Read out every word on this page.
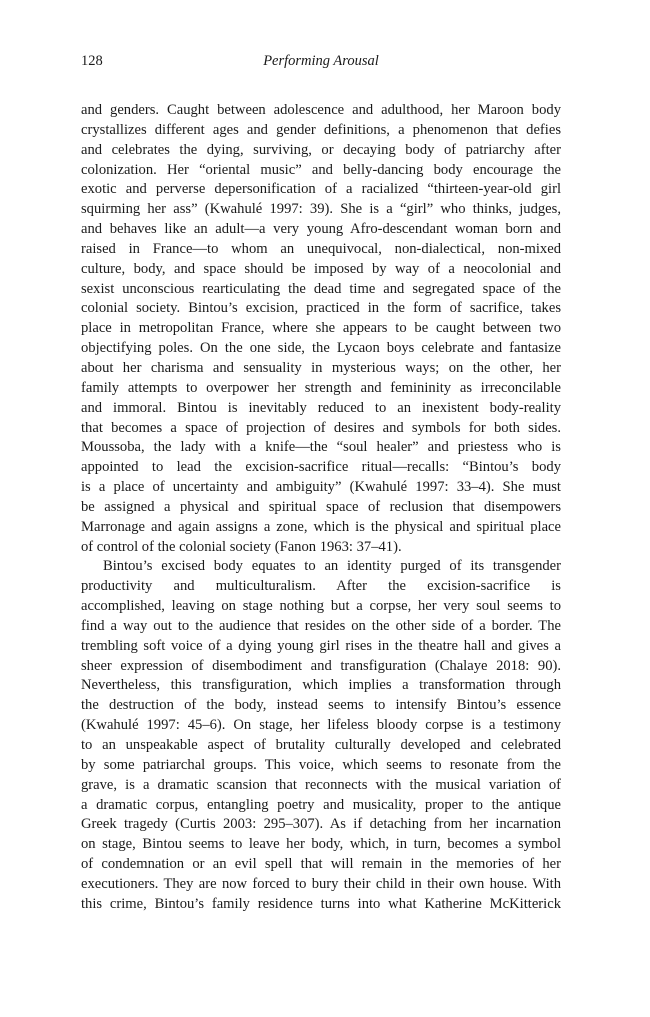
128	Performing Arousal
and genders. Caught between adolescence and adulthood, her Maroon body
crystallizes different ages and gender definitions, a phenomenon that defies
and celebrates the dying, surviving, or decaying body of patriarchy after
colonization. Her “oriental music” and belly-dancing body encourage the
exotic and perverse depersonification of a racialized “thirteen-year-old girl
squirming her ass” (Kwahulé 1997: 39). She is a “girl” who thinks, judges,
and behaves like an adult—a very young Afro-descendant woman born and
raised in France—to whom an unequivocal, non-dialectical, non-mixed
culture, body, and space should be imposed by way of a neocolonial and
sexist unconscious rearticulating the dead time and segregated space of the
colonial society. Bintou’s excision, practiced in the form of sacrifice, takes
place in metropolitan France, where she appears to be caught between two
objectifying poles. On the one side, the Lycaon boys celebrate and fantasize
about her charisma and sensuality in mysterious ways; on the other, her
family attempts to overpower her strength and femininity as irreconcilable
and immoral. Bintou is inevitably reduced to an inexistent body-reality
that becomes a space of projection of desires and symbols for both sides.
Moussoba, the lady with a knife—the “soul healer” and priestess who is
appointed to lead the excision-sacrifice ritual—recalls: “Bintou’s body
is a place of uncertainty and ambiguity” (Kwahulé 1997: 33–4). She must
be assigned a physical and spiritual space of reclusion that disempowers
Marronage and again assigns a zone, which is the physical and spiritual place
of control of the colonial society (Fanon 1963: 37–41).
Bintou’s excised body equates to an identity purged of its transgender
productivity and multiculturalism. After the excision-sacrifice is
accomplished, leaving on stage nothing but a corpse, her very soul seems to
find a way out to the audience that resides on the other side of a border. The
trembling soft voice of a dying young girl rises in the theatre hall and gives a
sheer expression of disembodiment and transfiguration (Chalaye 2018: 90).
Nevertheless, this transfiguration, which implies a transformation through
the destruction of the body, instead seems to intensify Bintou’s essence
(Kwahulé 1997: 45–6). On stage, her lifeless bloody corpse is a testimony
to an unspeakable aspect of brutality culturally developed and celebrated
by some patriarchal groups. This voice, which seems to resonate from the
grave, is a dramatic scansion that reconnects with the musical variation of
a dramatic corpus, entangling poetry and musicality, proper to the antique
Greek tragedy (Curtis 2003: 295–307). As if detaching from her incarnation
on stage, Bintou seems to leave her body, which, in turn, becomes a symbol
of condemnation or an evil spell that will remain in the memories of her
executioners. They are now forced to bury their child in their own house. With
this crime, Bintou’s family residence turns into what Katherine McKitterick
